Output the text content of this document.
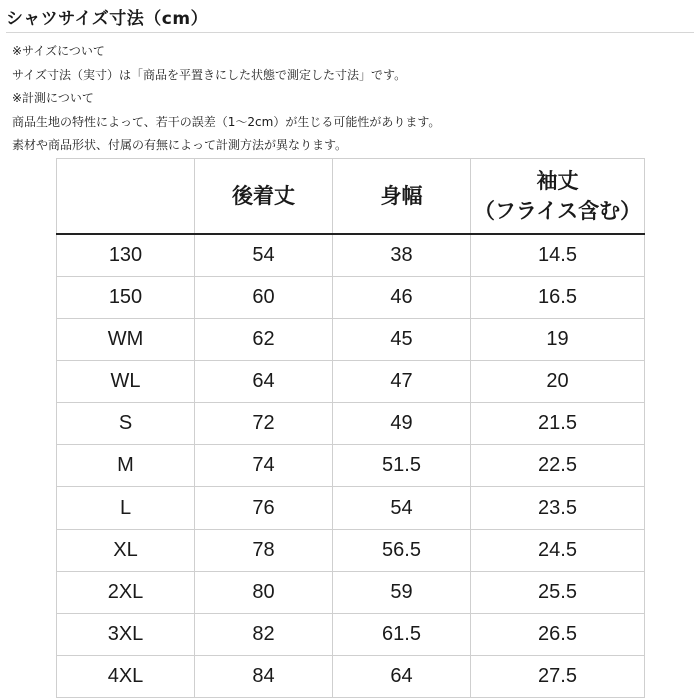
シャツサイズ寸法（cm）
※サイズについて
サイズ寸法（実寸）は「商品を平置きにした状態で測定した寸法」です。
※計測について
商品生地の特性によって、若干の誤差（1～2cm）が生じる可能性があります。
素材や商品形状、付属の有無によって計測方法が異なります。
	後着丈	身幅	袖丈
（フライス含む）

130	54	38	14.5
150	60	46	16.5
WM	62	45	19
WL	64	47	20
S	72	49	21.5
M	74	51.5	22.5
L	76	54	23.5
XL	78	56.5	24.5
2XL	80	59	25.5
3XL	82	61.5	26.5
4XL	84	64	27.5
